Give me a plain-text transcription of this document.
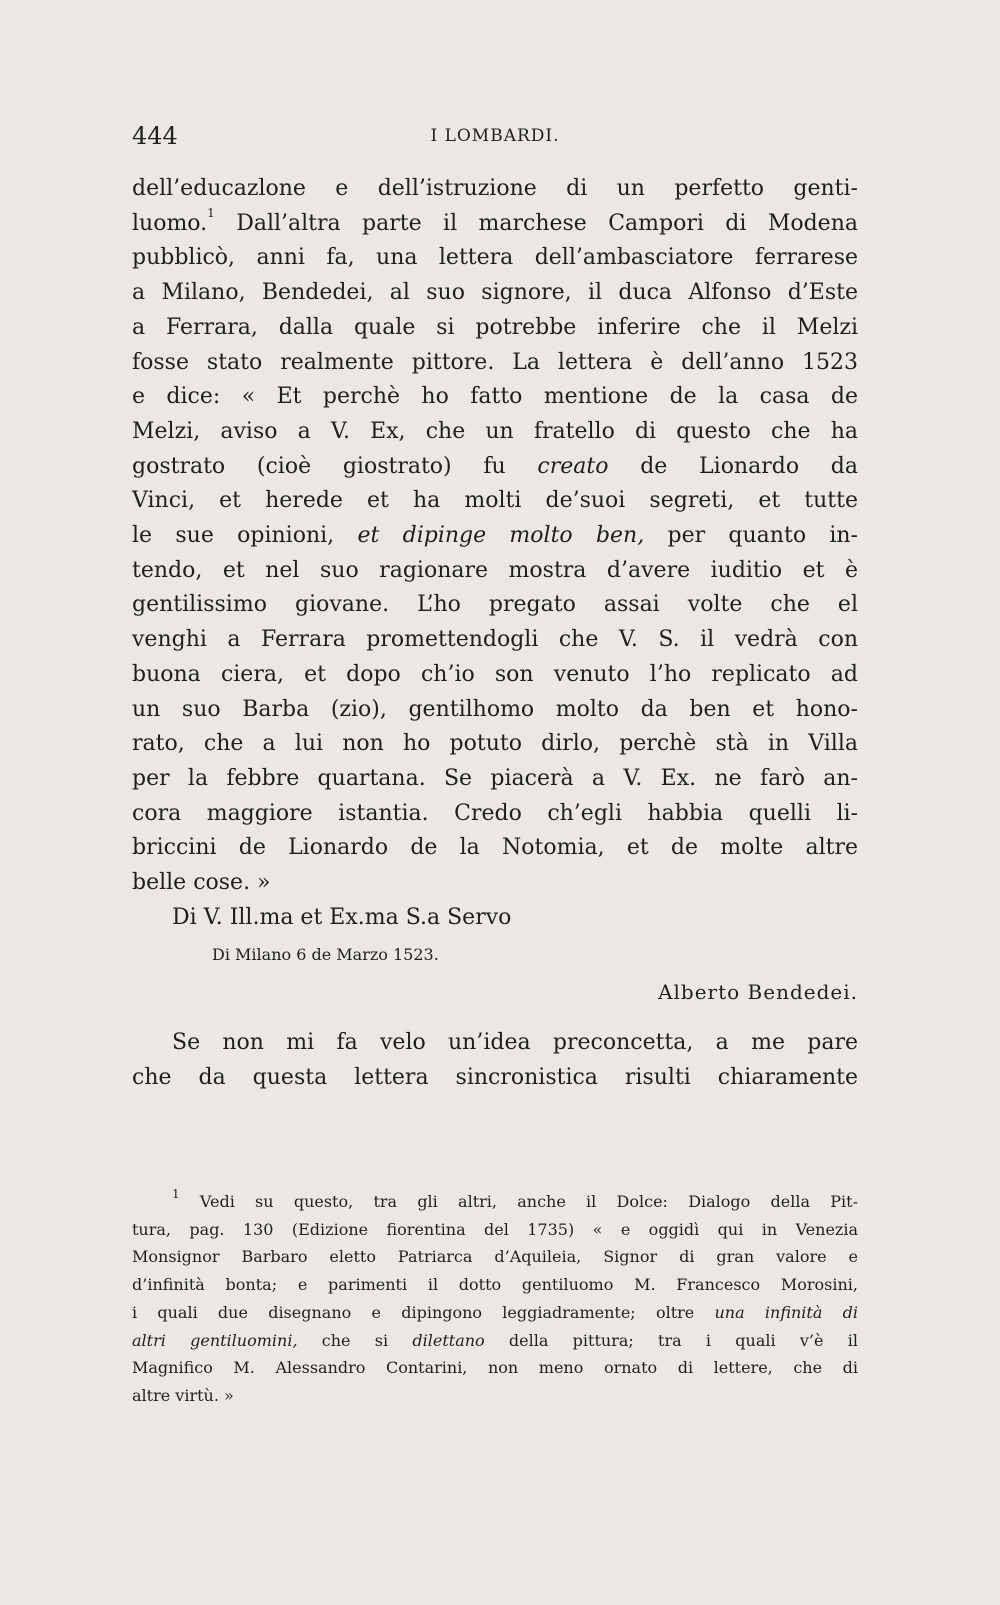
444	I LOMBARDI.
dell’educazlone e dell’istruzione di un perfetto genti-
luomo.$^1$ Dall’altra parte il marchese Campori di Modena
pubblicò, anni fa, una lettera dell’ambasciatore ferrarese
a Milano, Bendedei, al suo signore, il duca Alfonso d’Este
a Ferrara, dalla quale si potrebbe inferire che il Melzi
fosse stato realmente pittore. La lettera è dell’anno 1523
e dice: « Et perchè ho fatto mentione de la casa de
Melzi, aviso a V. Ex, che un fratello di questo che ha
gostrato (cioè giostrato) fu creato de Lionardo da
Vinci, et herede et ha molti de’suoi segreti, et tutte
le sue opinioni, et dipinge molto ben, per quanto in-
tendo, et nel suo ragionare mostra d’avere iuditio et è
gentilissimo giovane. L’ho pregato assai volte che el
venghi a Ferrara promettendogli che V. S. il vedrà con
buona ciera, et dopo ch’io son venuto l’ho replicato ad
un suo Barba (zio), gentilhomo molto da ben et hono-
rato, che a lui non ho potuto dirlo, perchè stà in Villa
per la febbre quartana. Se piacerà a V. Ex. ne farò an-
cora maggiore istantia. Credo ch’egli habbia quelli li-
briccini de Lionardo de la Notomia, et de molte altre
belle cose. »
Di V. Ill.ma et Ex.ma S.a Servo
Di Milano 6 de Marzo 1523.
Alberto Bendedei.
Se non mi fa velo un’idea preconcetta, a me pare
che da questa lettera sincronistica risulti chiaramente
$^1$ Vedi su questo, tra gli altri, anche il Dolce: Dialogo della Pit-
tura, pag. 130 (Edizione fiorentina del 1735) « e oggidì qui in Venezia
Monsignor Barbaro eletto Patriarca d’Aquileia, Signor di gran valore e
d’infinità bonta; e parimenti il dotto gentiluomo M. Francesco Morosini,
i quali due disegnano e dipingono leggiadramente; oltre una infinità di
altri gentiluomini, che si dilettano della pittura; tra i quali v’è il
Magnifico M. Alessandro Contarini, non meno ornato di lettere, che di
altre virtù. »
